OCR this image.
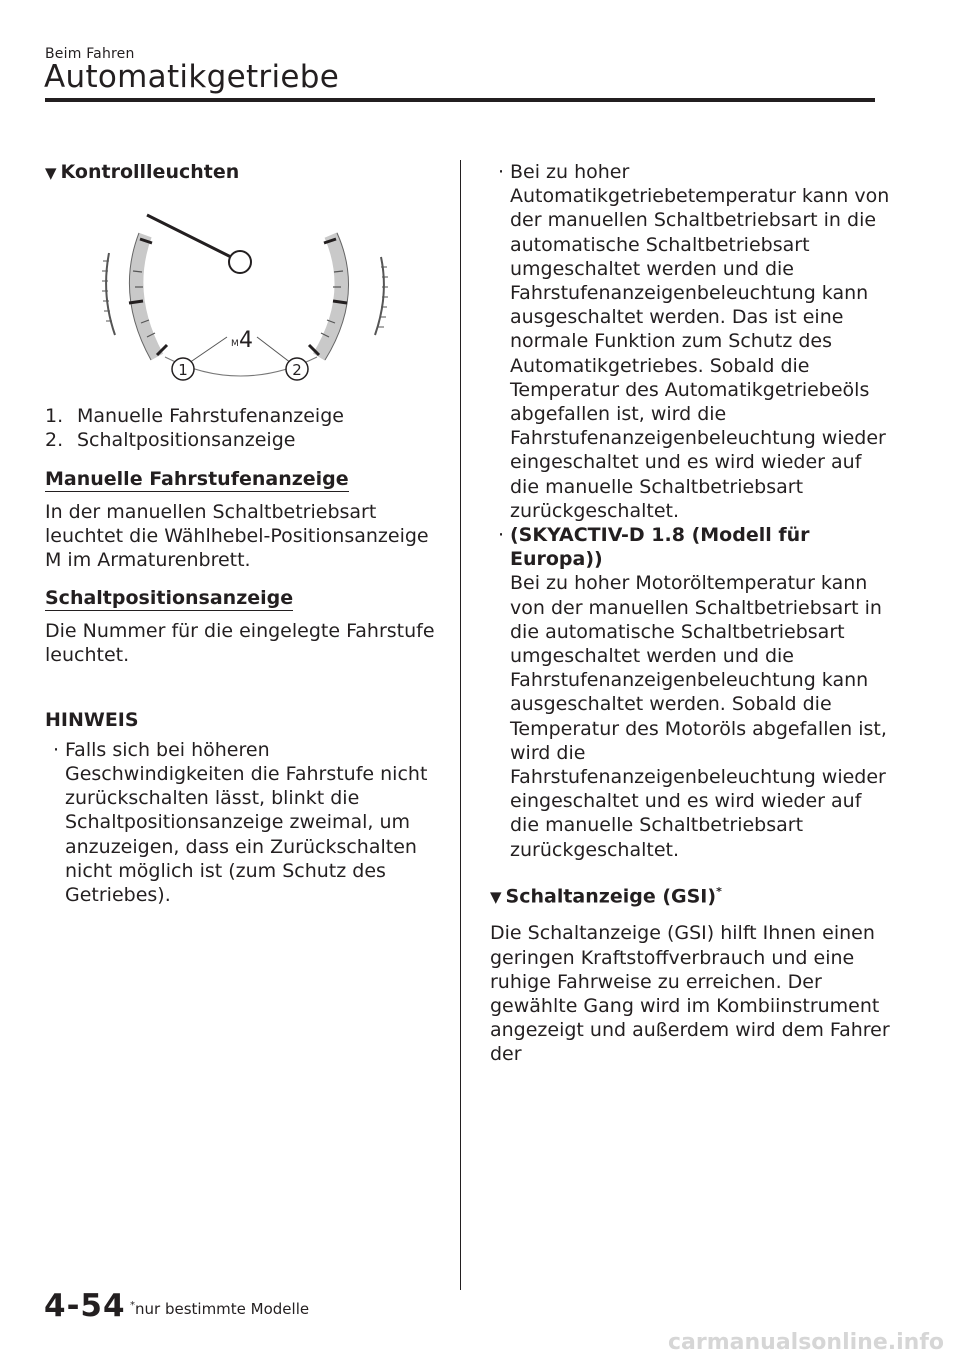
Beim Fahren
Automatikgetriebe

▼ Kontrollleuchten

M 4
1	2
1. Manuelle Fahrstufenanzeige
2. Schaltpositionsanzeige
Manuelle Fahrstufenanzeige

In der manuellen Schaltbetriebsart leuchtet die Wählhebel-Positionsanzeige M im Armaturenbrett.

Schaltpositionsanzeige

Die Nummer für die eingelegte Fahrstufe leuchtet.

HINWEIS
· Falls sich bei höheren Geschwindigkeiten die Fahrstufe nicht zurückschalten lässt, blinkt die Schaltpositionsanzeige zweimal, um anzuzeigen, dass ein Zurückschalten nicht möglich ist (zum Schutz des Getriebes).
· Bei zu hoher Automatikgetriebetemperatur kann von der manuellen Schaltbetriebsart in die automatische Schaltbetriebsart umgeschaltet werden und die Fahrstufenanzeigenbeleuchtung kann ausgeschaltet werden. Das ist eine normale Funktion zum Schutz des Automatikgetriebes. Sobald die Temperatur des Automatikgetriebeöls abgefallen ist, wird die Fahrstufenanzeigenbeleuchtung wieder eingeschaltet und es wird wieder auf die manuelle Schaltbetriebsart zurückgeschaltet.
· (SKYACTIV-D 1.8 (Modell für Europa))
Bei zu hoher Motoröltemperatur kann von der manuellen Schaltbetriebsart in die automatische Schaltbetriebsart umgeschaltet werden und die Fahrstufenanzeigenbeleuchtung kann ausgeschaltet werden. Sobald die Temperatur des Motoröls abgefallen ist, wird die Fahrstufenanzeigenbeleuchtung wieder eingeschaltet und es wird wieder auf die manuelle Schaltbetriebsart zurückgeschaltet.

▼ Schaltanzeige (GSI)*

Die Schaltanzeige (GSI) hilft Ihnen einen geringen Kraftstoffverbrauch und eine ruhige Fahrweise zu erreichen. Der gewählte Gang wird im Kombiinstrument angezeigt und außerdem wird dem Fahrer der

4-54 *nur bestimmte Modelle
carmanualsonline.info
